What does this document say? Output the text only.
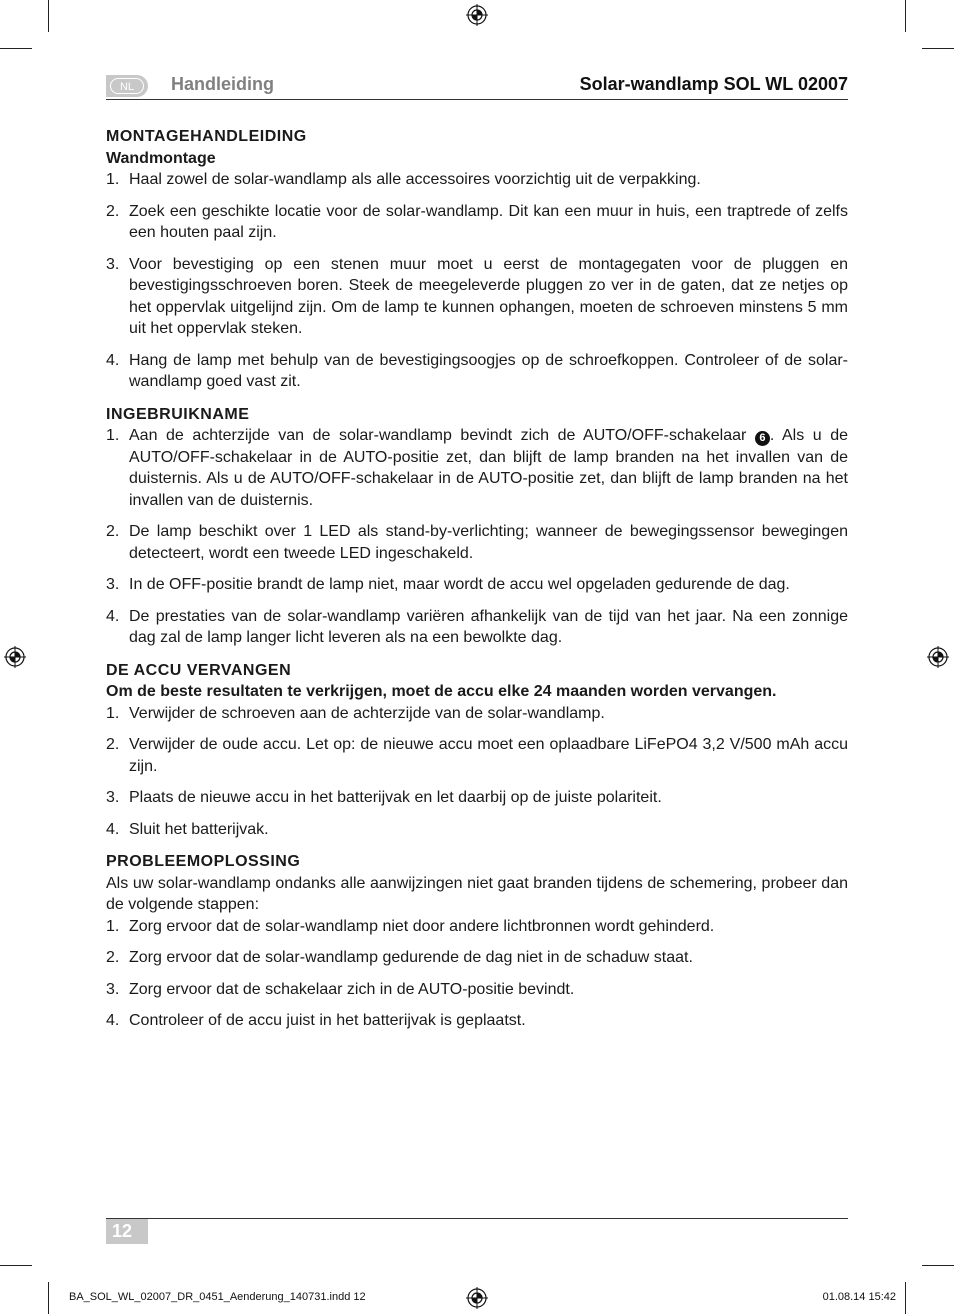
NL	Handleiding	Solar-wandlamp SOL WL 02007

MONTAGEHANDLEIDING

Wandmontage

1. Haal zowel de solar-wandlamp als alle accessoires voorzichtig uit de verpakking.
2. Zoek een geschikte locatie voor de solar-wandlamp. Dit kan een muur in huis, een traptrede of zelfs een houten paal zijn.
3. Voor bevestiging op een stenen muur moet u eerst de montagegaten voor de pluggen en bevestigingsschroeven boren. Steek de meegeleverde pluggen zo ver in de gaten, dat ze netjes op het oppervlak uitgelijnd zijn. Om de lamp te kunnen ophangen, moeten de schroeven minstens 5 mm uit het oppervlak steken.
4. Hang de lamp met behulp van de bevestigingsoogjes op de schroefkoppen. Controleer of de solar-wandlamp goed vast zit.

INGEBRUIKNAME

1. Aan de achterzijde van de solar-wandlamp bevindt zich de AUTO/OFF-schakelaar 6 . Als u de AUTO/OFF-schakelaar in de AUTO-positie zet, dan blijft de lamp branden na het invallen van de duisternis. Als u de AUTO/OFF-schakelaar in de AUTO-positie zet, dan blijft de lamp branden na het invallen van de duisternis.
2. De lamp beschikt over 1 LED als stand-by-verlichting; wanneer de bewegingssensor bewegingen detecteert, wordt een tweede LED ingeschakeld.
3. In de OFF-positie brandt de lamp niet, maar wordt de accu wel opgeladen gedurende de dag.
4. De prestaties van de solar-wandlamp variëren afhankelijk van de tijd van het jaar. Na een zonnige dag zal de lamp langer licht leveren als na een bewolkte dag.

DE ACCU VERVANGEN

Om de beste resultaten te verkrijgen, moet de accu elke 24 maanden worden vervangen.

1. Verwijder de schroeven aan de achterzijde van de solar-wandlamp.
2. Verwijder de oude accu. Let op: de nieuwe accu moet een oplaadbare LiFePO4 3,2 V/500 mAh accu zijn.
3. Plaats de nieuwe accu in het batterijvak en let daarbij op de juiste polariteit.
4. Sluit het batterijvak.

PROBLEEMOPLOSSING

Als uw solar-wandlamp ondanks alle aanwijzingen niet gaat branden tijdens de schemering, probeer dan de volgende stappen:

1. Zorg ervoor dat de solar-wandlamp niet door andere lichtbronnen wordt gehinderd.
2. Zorg ervoor dat de solar-wandlamp gedurende de dag niet in de schaduw staat.
3. Zorg ervoor dat de schakelaar zich in de AUTO-positie bevindt.
4. Controleer of de accu juist in het batterijvak is geplaatst.
12
BA_SOL_WL_02007_DR_0451_Aenderung_140731.indd 12	01.08.14 15:42
